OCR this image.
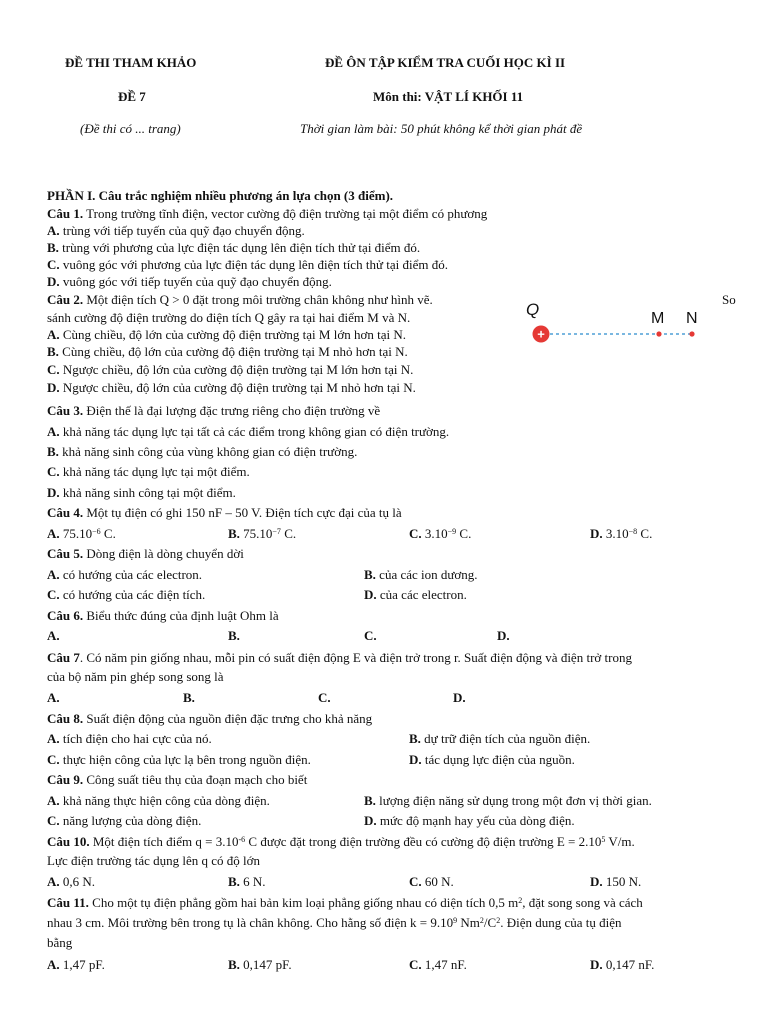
ĐỀ THI THAM KHẢO	ĐỀ ÔN TẬP KIỂM TRA CUỐI HỌC KÌ II
ĐỀ 7	Môn thi: VẬT LÍ KHỐI 11
(Đề thi có ... trang)	Thời gian làm bài: 50 phút không kể thời gian phát đề
PHẦN I. Câu trắc nghiệm nhiều phương án lựa chọn (3 điểm).
Câu 1. Trong trường tĩnh điện, vector cường độ điện trường tại một điểm có phương
A. trùng với tiếp tuyến của quỹ đạo chuyển động.
B. trùng với phương của lực điện tác dụng lên điện tích thử tại điểm đó.
C. vuông góc với phương của lực điện tác dụng lên điện tích thử tại điểm đó.
D. vuông góc với tiếp tuyến của quỹ đạo chuyển động.
Câu 2. Một điện tích Q > 0 đặt trong môi trường chân không như hình vẽ.	So
sánh cường độ điện trường do điện tích Q gây ra tại hai điểm M và N.
A. Cùng chiều, độ lớn của cường độ điện trường tại M lớn hơn tại N.
B. Cùng chiều, độ lớn của cường độ điện trường tại M nhỏ hơn tại N.
C. Ngược chiều, độ lớn của cường độ điện trường tại M lớn hơn tại N.
D. Ngược chiều, độ lớn của cường độ điện trường tại M nhỏ hơn tại N.
Q
+
M N
Câu 3. Điện thế là đại lượng đặc trưng riêng cho điện trường về
A. khả năng tác dụng lực tại tất cả các điểm trong không gian có điện trường.
B. khả năng sinh công của vùng không gian có điện trường.
C. khả năng tác dụng lực tại một điểm.
D. khả năng sinh công tại một điểm.
Câu 4. Một tụ điện có ghi 150 nF – 50 V. Điện tích cực đại của tụ là
A. $75.10^{-6}$ C.	B. $75.10^{-7}$ C.	C. $3.10^{-9}$ C.	D. $3.10^{-8}$ C.
Câu 5. Dòng điện là dòng chuyển dời
A. có hướng của các electron.	B. của các ion dương.
C. có hướng của các điện tích.	D. của các electron.
Câu 6. Biểu thức đúng của định luật Ohm là
A.	B.	C.	D.
Câu 7. Có năm pin giống nhau, mỗi pin có suất điện động E và điện trở trong r. Suất điện động và điện trở trong
của bộ năm pin ghép song song là
A.	B.	C.	D.
Câu 8. Suất điện động của nguồn điện đặc trưng cho khả năng
A. tích điện cho hai cực của nó.	B. dự trữ điện tích của nguồn điện.
C. thực hiện công của lực lạ bên trong nguồn điện.	D. tác dụng lực điện của nguồn.
Câu 9. Công suất tiêu thụ của đoạn mạch cho biết
A. khả năng thực hiện công của dòng điện.	B. lượng điện năng sử dụng trong một đơn vị thời gian.
C. năng lượng của dòng điện.	D. mức độ mạnh hay yếu của dòng điện.
Câu 10. Một điện tích điểm $q = 3.10^{-6}$ C được đặt trong điện trường đều có cường độ điện trường $E = 2.10^5$ V/m.
Lực điện trường tác dụng lên q có độ lớn
A. 0,6 N.	B. 6 N.	C. 60 N.	D. 150 N.
Câu 11. Cho một tụ điện phẳng gồm hai bản kim loại phẳng giống nhau có diện tích 0,5 $m^2$, đặt song song và cách
nhau 3 cm. Môi trường bên trong tụ là chân không. Cho hằng số điện $k = 9.10^9$ $Nm^2/C^2$. Điện dung của tụ điện
bằng
A. 1,47 pF.	B. 0,147 pF.	C. 1,47 nF.	D. 0,147 nF.
